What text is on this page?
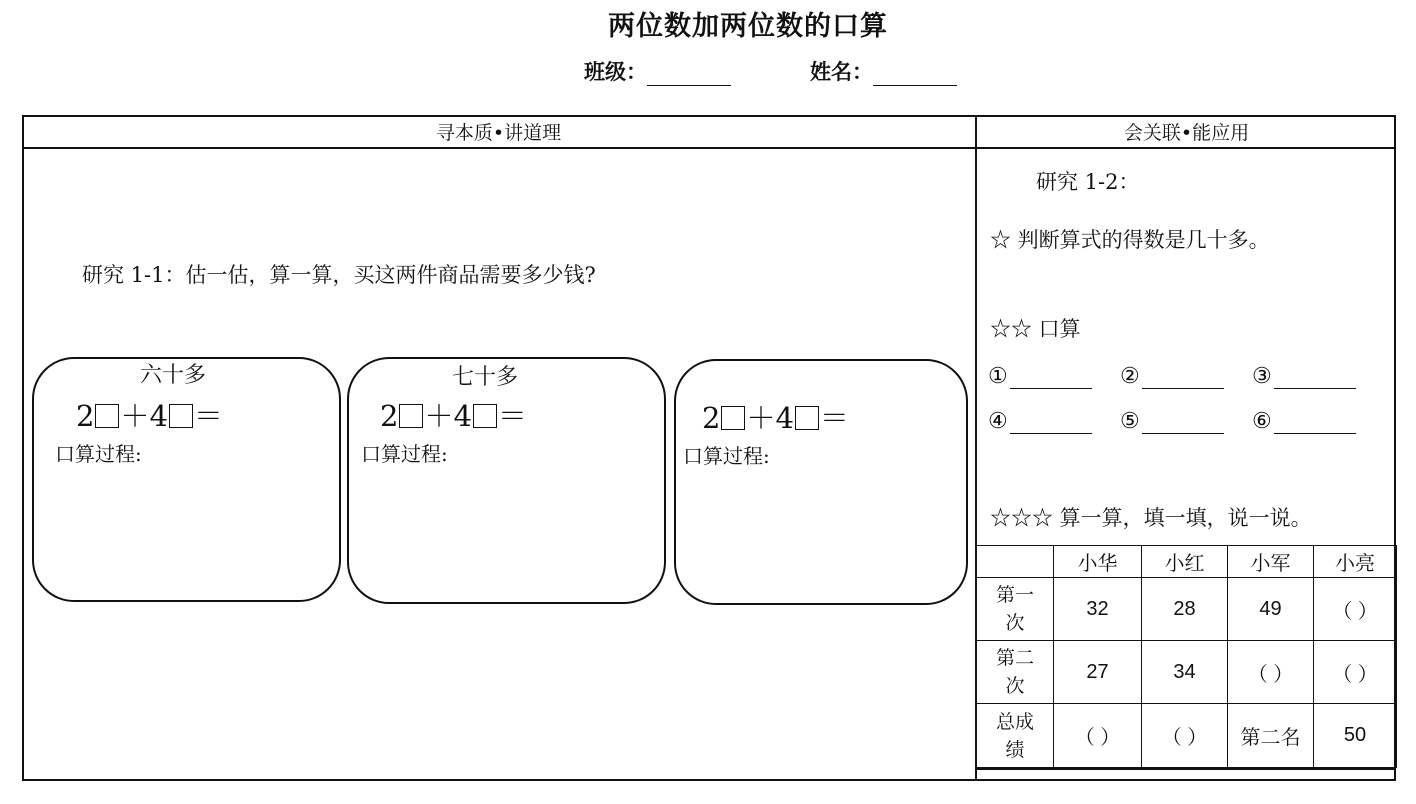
两位数加两位数的口算
班级：	姓名：
寻本质•讲道理	会关联•能应用
研究 1-1：估一估，算一算，买这两件商品需要多少钱?
六十多
2 ＋4 ＝
口算过程:
七十多
2 ＋4 ＝
口算过程:
2 ＋4 ＝
口算过程:
研究 1-2：
☆ 判断算式的得数是几十多。
☆☆ 口算
①	②	③
④	⑤	⑥
☆☆☆ 算一算，填一填，说一说。
	小华	小红	小军	小亮

第一
次	32	28	49	（ ）

第二
次	27	34	（ ）	（ ）

总成
绩	（ ）	（ ）	第二名	50
